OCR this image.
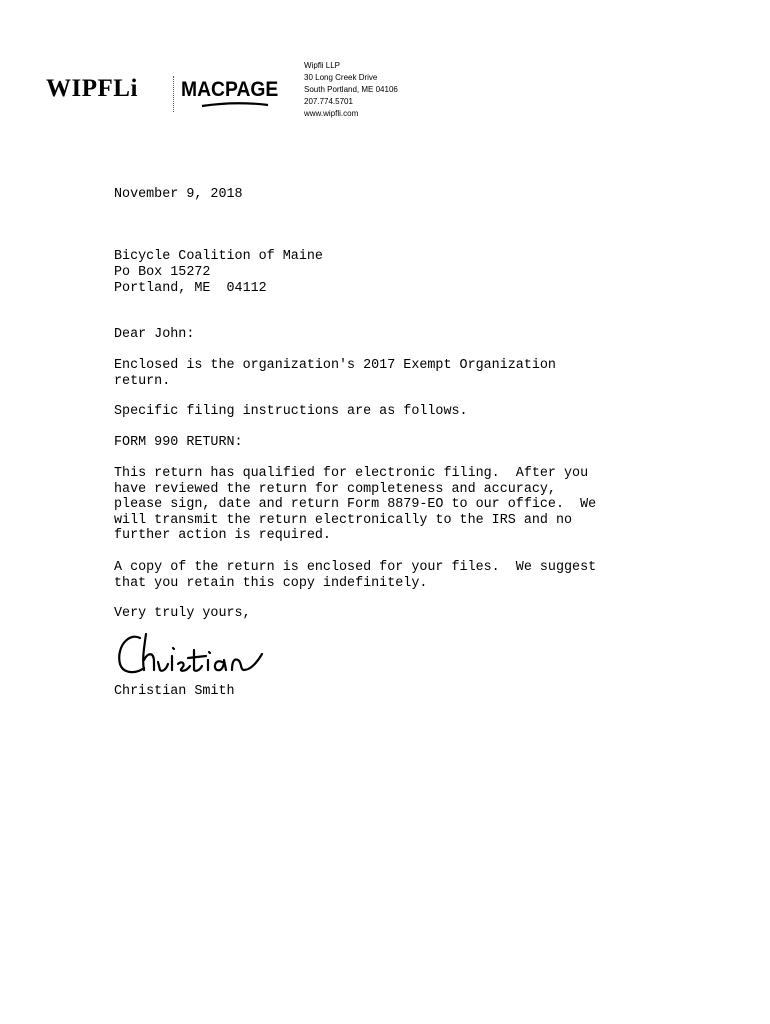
WIPFLi MACPAGE
Wipfli LLP
30 Long Creek Drive
South Portland, ME 04106
207.774.5701
www.wipfli.com

November 9, 2018

Bicycle Coalition of Maine

Po Box 15272

Portland, ME  04112

Dear John:

Enclosed is the organization's 2017 Exempt Organization
return.

Specific filing instructions are as follows.

FORM 990 RETURN:

This return has qualified for electronic filing.  After you
have reviewed the return for completeness and accuracy,
please sign, date and return Form 8879-EO to our office.  We
will transmit the return electronically to the IRS and no
further action is required.

A copy of the return is enclosed for your files.  We suggest
that you retain this copy indefinitely.

Very truly yours,

Christian Smith
